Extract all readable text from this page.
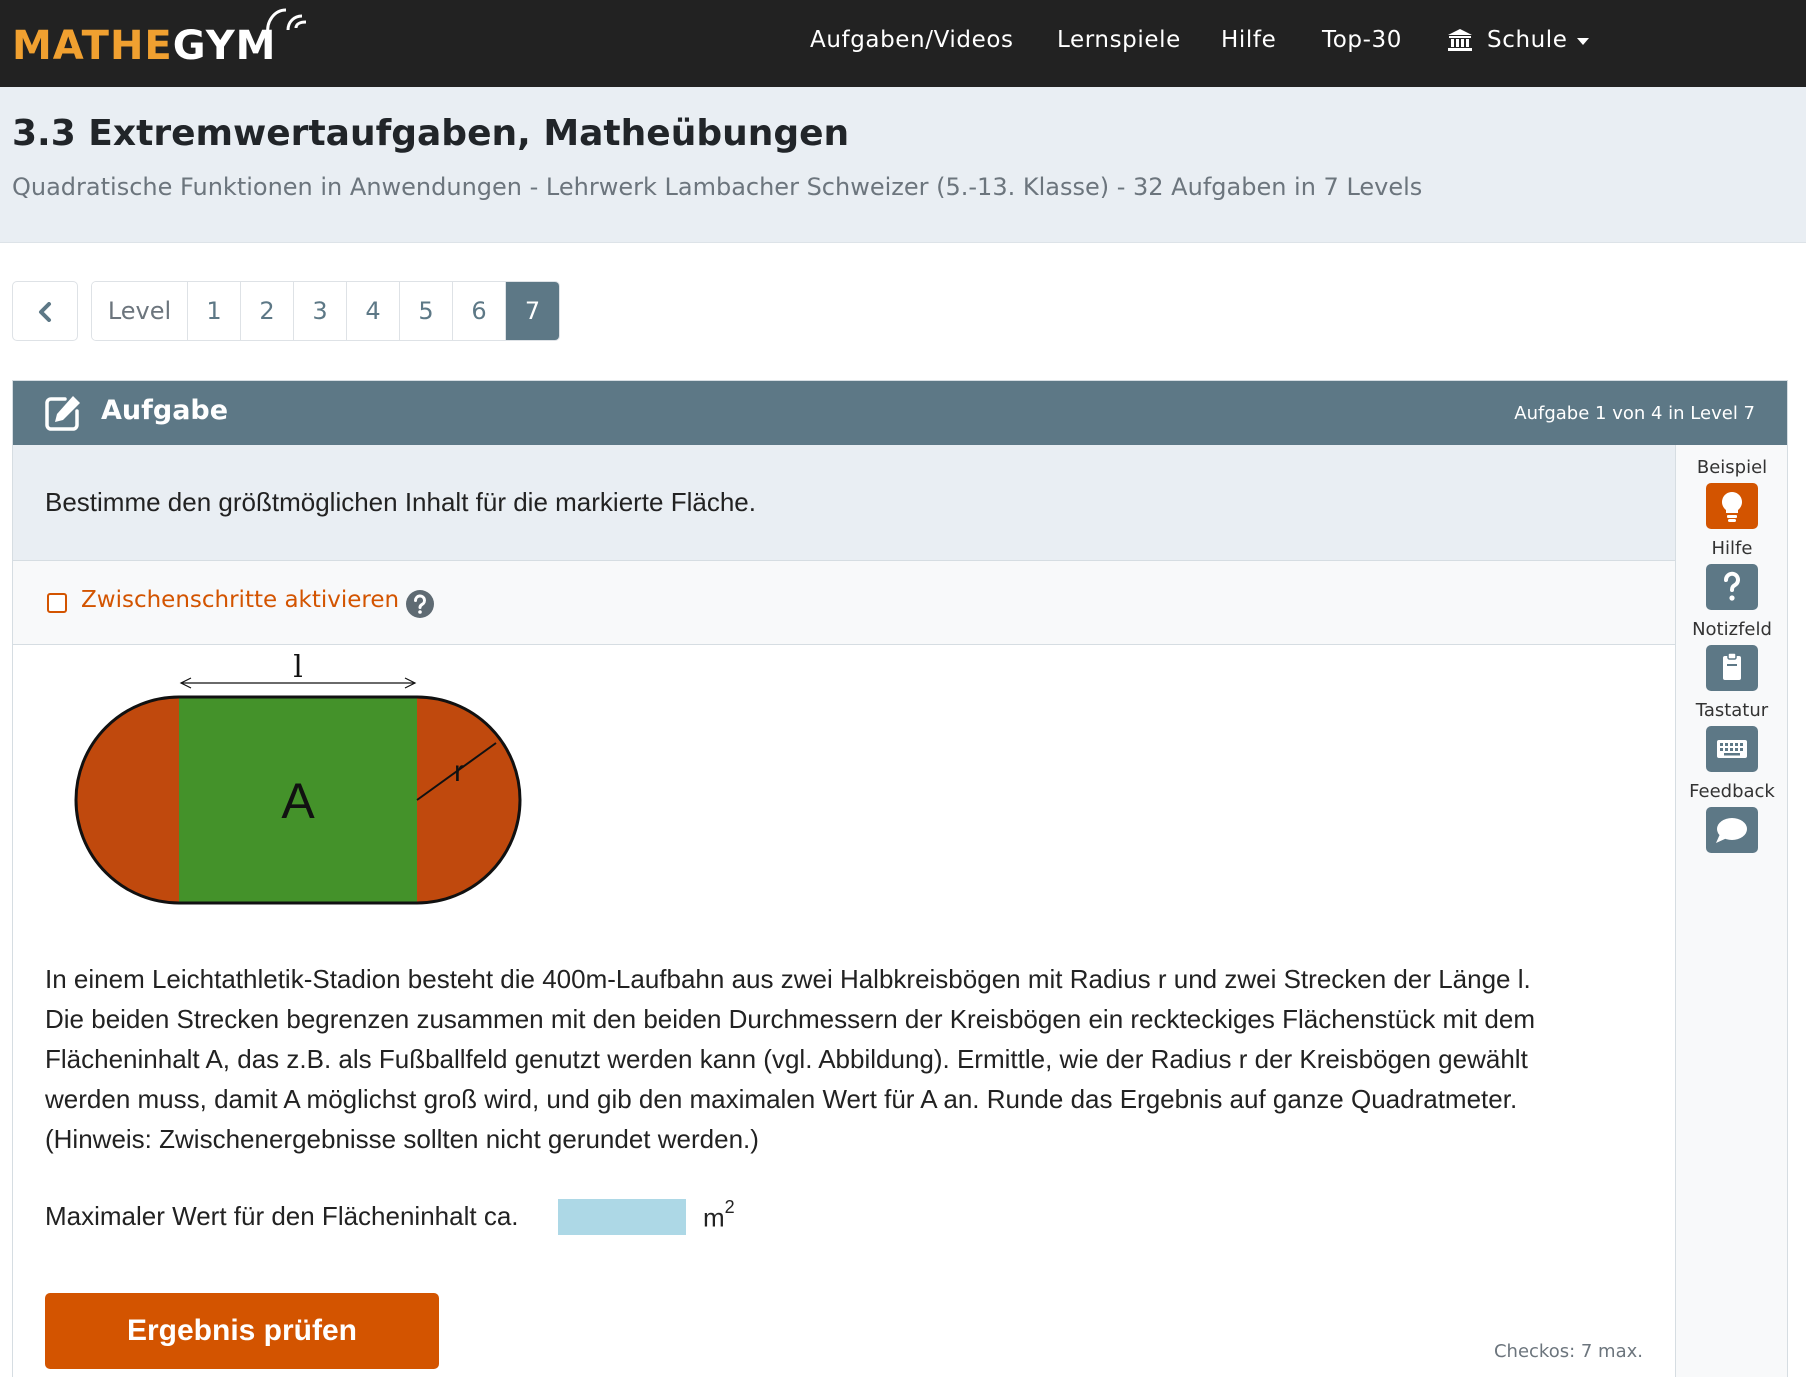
MATHEGYM	Aufgaben/Videos Lernspiele Hilfe Top-30	Schule
3.3 Extremwertaufgaben, Matheübungen
Quadratische Funktionen in Anwendungen - Lehrwerk Lambacher Schweizer (5.-13. Klasse) - 32 Aufgaben in 7 Levels
Level	1	2	3	4	5	6	7
Aufgabe	Aufgabe 1 von 4 in Level 7
Bestimme den größtmöglichen Inhalt für die markierte Fläche.
Zwischenschritte aktivieren
l
A
r
In einem Leichtathletik-Stadion besteht die 400m-Laufbahn aus zwei Halbkreisbögen mit Radius r und zwei Strecken der Länge l.
Die beiden Strecken begrenzen zusammen mit den beiden Durchmessern der Kreisbögen ein reckteckiges Flächenstück mit dem
Flächeninhalt A, das z.B. als Fußballfeld genutzt werden kann (vgl. Abbildung). Ermittle, wie der Radius r der Kreisbögen gewählt
werden muss, damit A möglichst groß wird, und gib den maximalen Wert für A an. Runde das Ergebnis auf ganze Quadratmeter.
(Hinweis: Zwischenergebnisse sollten nicht gerundet werden.)
Maximaler Wert für den Flächeninhalt ca.	$m^2$
Ergebnis prüfen
Checkos: 7 max.
Beispiel
Hilfe
Notizfeld
Tastatur
Feedback
